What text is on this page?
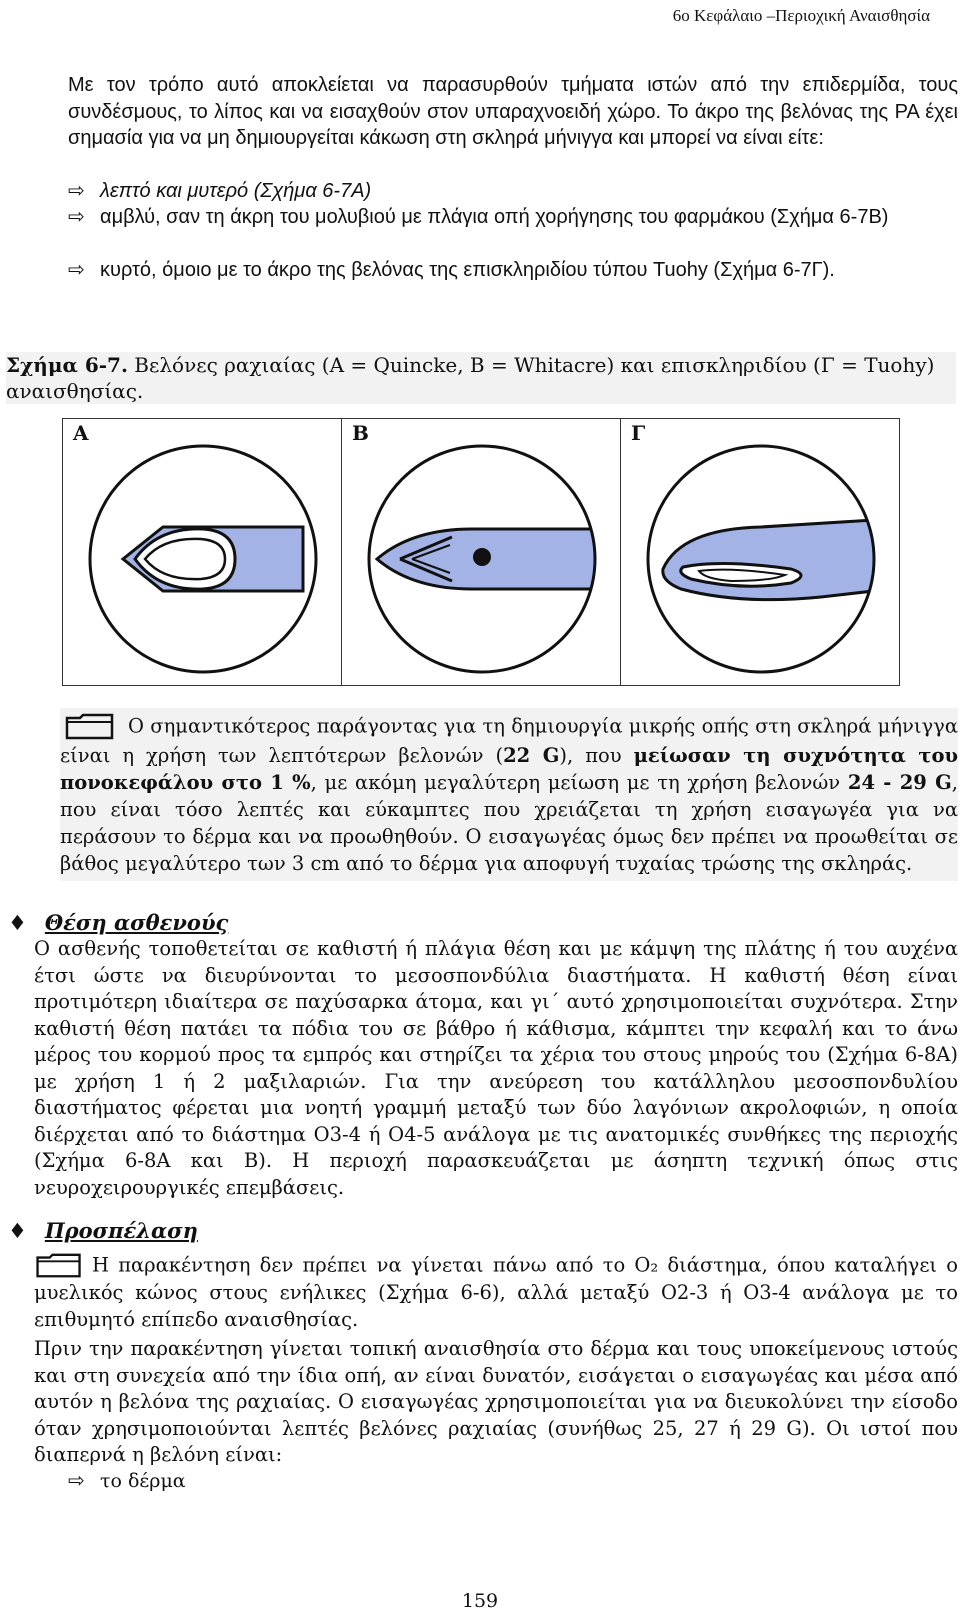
6ο Κεφάλαιο –Περιοχική Αναισθησία
Με τον τρόπο αυτό αποκλείεται να παρασυρθούν τμήματα ιστών από την επιδερμίδα, τους συνδέσμους, το λίπος και να εισαχθούν στον υπαραχνοειδή χώρο. Το άκρο της βελόνας της ΡΑ έχει σημασία για να μη δημιουργείται κάκωση στη σκληρά μήνιγγα και μπορεί να είναι είτε:
⇨ λεπτό και μυτερό (Σχήμα 6-7Α)
⇨ αμβλύ, σαν τη άκρη του μολυβιού με πλάγια οπή χορήγησης του φαρμάκου (Σχήμα 6-7Β)
⇨ κυρτό, όμοιο με το άκρο της βελόνας της επισκληριδίου τύπου Tuohy (Σχήμα 6-7Γ).
Σχήμα 6-7. Βελόνες ραχιαίας (Α = Quincke, Β = Whitacre) και επισκληριδίου (Γ = Tuohy) αναισθησίας.
Α	Β	Γ
Ο σημαντικότερος παράγοντας για τη δημιουργία μικρής οπής στη σκληρά μήνιγγα είναι η χρήση των λεπτότερων βελονών (22 G), που μείωσαν τη συχνότητα του πονοκεφάλου στο 1 %, με ακόμη μεγαλύτερη μείωση με τη χρήση βελονών 24 - 29 G, που είναι τόσο λεπτές και εύκαμπτες που χρειάζεται τη χρήση εισαγωγέα για να περάσουν το δέρμα και να προωθηθούν. Ο εισαγωγέας όμως δεν πρέπει να προωθείται σε βάθος μεγαλύτερο των 3 cm από το δέρμα για αποφυγή τυχαίας τρώσης της σκληράς.
♦ Θέση ασθενούς
Ο ασθενής τοποθετείται σε καθιστή ή πλάγια θέση και με κάμψη της πλάτης ή του αυχένα έτσι ώστε να διευρύνονται το μεσοσπονδύλια διαστήματα. Η καθιστή θέση είναι προτιμότερη ιδιαίτερα σε παχύσαρκα άτομα, και γι΄ αυτό χρησιμοποιείται συχνότερα. Στην καθιστή θέση πατάει τα πόδια του σε βάθρο ή κάθισμα, κάμπτει την κεφαλή και το άνω μέρος του κορμού προς τα εμπρός και στηρίζει τα χέρια του στους μηρούς του (Σχήμα 6-8Α) με χρήση 1 ή 2 μαξιλαριών. Για την ανεύρεση του κατάλληλου μεσοσπονδυλίου διαστήματος φέρεται μια νοητή γραμμή μεταξύ των δύο λαγόνιων ακρολοφιών, η οποία διέρχεται από το διάστημα Ο3-4 ή Ο4-5 ανάλογα με τις ανατομικές συνθήκες της περιοχής (Σχήμα 6-8Α και Β). Η περιοχή παρασκευάζεται με άσηπτη τεχνική όπως στις νευροχειρουργικές επεμβάσεις.
♦ Προσπέλαση
Η παρακέντηση δεν πρέπει να γίνεται πάνω από το Ο₂ διάστημα, όπου καταλήγει ο μυελικός κώνος στους ενήλικες (Σχήμα 6-6), αλλά μεταξύ Ο2-3 ή Ο3-4 ανάλογα με το επιθυμητό επίπεδο αναισθησίας.
Πριν την παρακέντηση γίνεται τοπική αναισθησία στο δέρμα και τους υποκείμενους ιστούς και στη συνεχεία από την ίδια οπή, αν είναι δυνατόν, εισάγεται ο εισαγωγέας και μέσα από αυτόν η βελόνα της ραχιαίας. Ο εισαγωγέας χρησιμοποιείται για να διευκολύνει την είσοδο όταν χρησιμοποιούνται λεπτές βελόνες ραχιαίας (συνήθως 25, 27 ή 29 G). Οι ιστοί που διαπερνά η βελόνη είναι:
⇨ το δέρμα
159
